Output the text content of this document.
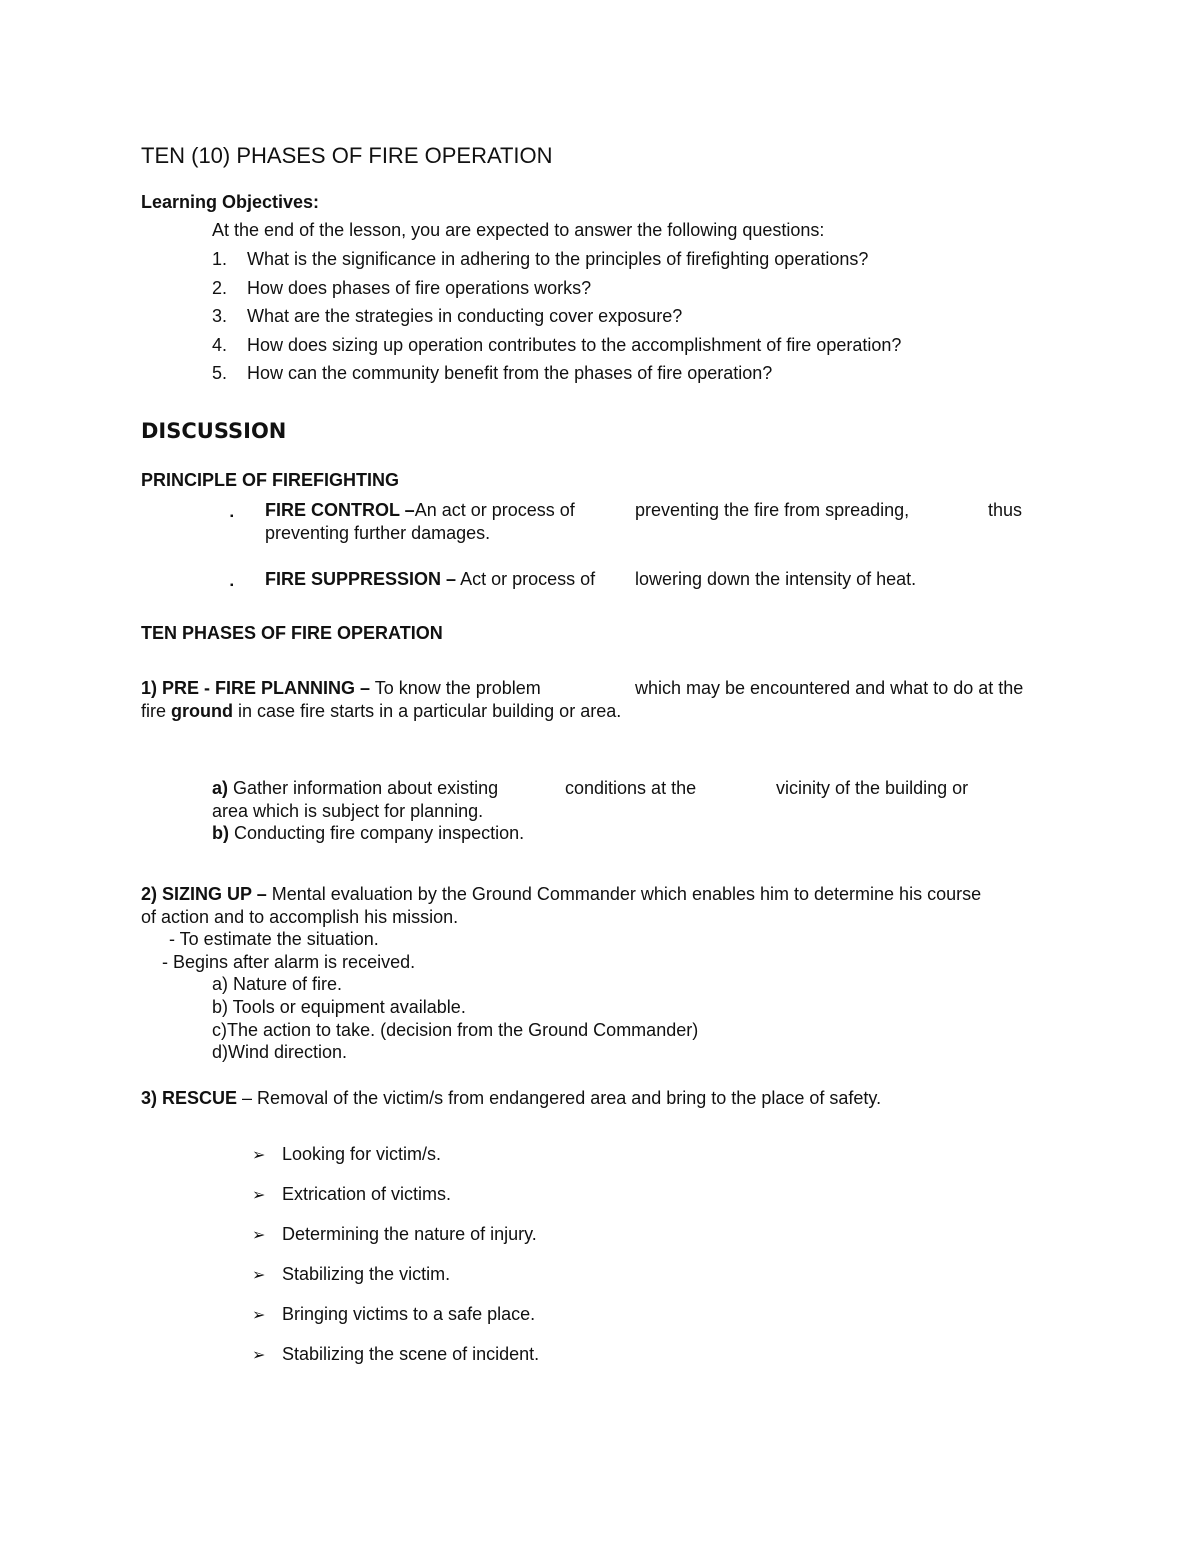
TEN (10) PHASES OF FIRE OPERATION
Learning Objectives:
At the end of the lesson, you are expected to answer the following questions:
1. What is the significance in adhering to the principles of firefighting operations?
2. How does phases of fire operations works?
3. What are the strategies in conducting cover exposure?
4. How does sizing up operation contributes to the accomplishment of fire operation?
5. How can the community benefit from the phases of fire operation?
DISCUSSION
PRINCIPLE OF FIREFIGHTING
▪ FIRE CONTROL –An act or process of	preventing the fire from spreading,	thus
preventing further damages.
▪ FIRE SUPPRESSION – Act or process of lowering down the intensity of heat.
TEN PHASES OF FIRE OPERATION
1) PRE - FIRE PLANNING – To know the problem	which may be encountered and what to do at the
fire ground in case fire starts in a particular building or area.
a) Gather information about existing	conditions at the	vicinity of the building or
area which is subject for planning.
b) Conducting fire company inspection.
2) SIZING UP – Mental evaluation by the Ground Commander which enables him to determine his course
of action and to accomplish his mission.
- To estimate the situation.
- Begins after alarm is received.
a) Nature of fire.
b) Tools or equipment available.
c)The action to take. (decision from the Ground Commander)
d)Wind direction.
3) RESCUE – Removal of the victim/s from endangered area and bring to the place of safety.
➢ Looking for victim/s.
➢ Extrication of victims.
➢ Determining the nature of injury.
➢ Stabilizing the victim.
➢ Bringing victims to a safe place.
➢ Stabilizing the scene of incident.
